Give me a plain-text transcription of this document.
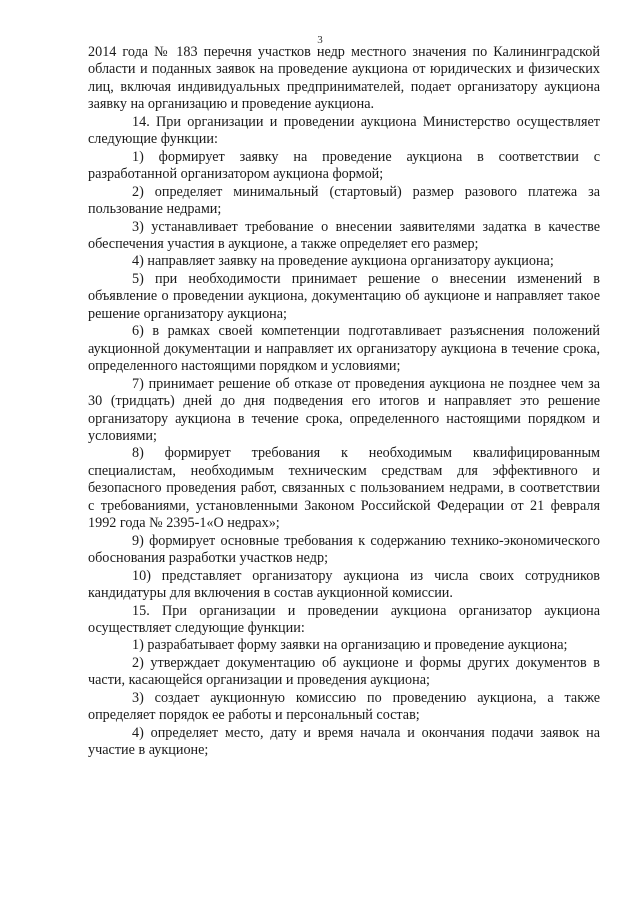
3

2014 года № 183 перечня участков недр местного значения по Калининградской области и поданных заявок на проведение аукциона от юридических и физических лиц, включая индивидуальных предпринимателей, подает организатору аукциона заявку на организацию и проведение аукциона.

14. При организации и проведении аукциона Министерство осуществляет следующие функции:

1) формирует заявку на проведение аукциона в соответствии с разработанной организатором аукциона формой;

2) определяет минимальный (стартовый) размер разового платежа за пользование недрами;

3) устанавливает требование о внесении заявителями задатка в качестве обеспечения участия в аукционе, а также определяет его размер;

4) направляет заявку на проведение аукциона организатору аукциона;

5) при необходимости принимает решение о внесении изменений в объявление о проведении аукциона, документацию об аукционе и направляет такое решение организатору аукциона;

6) в рамках своей компетенции подготавливает разъяснения положений аукционной документации и направляет их организатору аукциона в течение срока, определенного настоящими порядком и условиями;

7) принимает решение об отказе от проведения аукциона не позднее чем за 30 (тридцать) дней до дня подведения его итогов и направляет это решение организатору аукциона в течение срока, определенного настоящими порядком и условиями;

8) формирует требования к необходимым квалифицированным специалистам, необходимым техническим средствам для эффективного и безопасного проведения работ, связанных с пользованием недрами, в соответствии с требованиями, установленными Законом Российской Федерации от 21 февраля 1992 года № 2395-1«О недрах»;

9) формирует основные требования к содержанию технико-экономического обоснования разработки участков недр;

10) представляет организатору аукциона из числа своих сотрудников кандидатуры для включения в состав аукционной комиссии.

15. При организации и проведении аукциона организатор аукциона осуществляет следующие функции:

1) разрабатывает форму заявки на организацию и проведение аукциона;

2) утверждает документацию об аукционе и формы других документов в части, касающейся организации и проведения аукциона;

3) создает аукционную комиссию по проведению аукциона, а также определяет порядок ее работы и персональный состав;

4) определяет место, дату и время начала и окончания подачи заявок на участие в аукционе;
